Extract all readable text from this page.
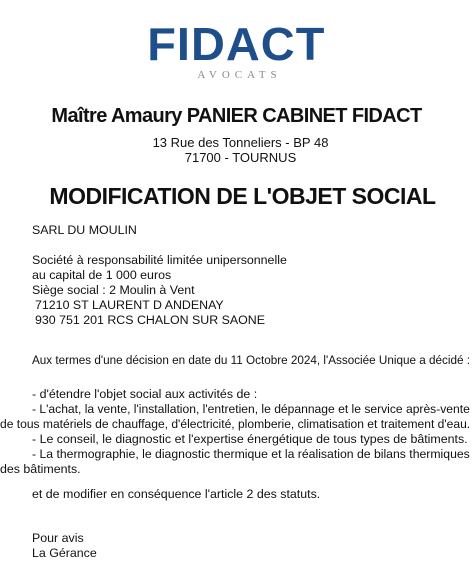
FIDACT
AVOCATS
Maître Amaury PANIER CABINET FIDACT
13 Rue des Tonneliers - BP 48
71700 - TOURNUS
MODIFICATION DE L'OBJET SOCIAL
SARL DU MOULIN
Société à responsabilité limitée unipersonnelle
au capital de 1 000 euros
Siège social : 2 Moulin à Vent
71210 ST LAURENT D ANDENAY
930 751 201 RCS CHALON SUR SAONE
Aux termes d'une décision en date du 11 Octobre 2024, l'Associée Unique a décidé :
- d'étendre l'objet social aux activités de :
- L'achat, la vente, l'installation, l'entretien, le dépannage et le service après-vente
de tous matériels de chauffage, d'électricité, plomberie, climatisation et traitement d'eau.
- Le conseil, le diagnostic et l'expertise énergétique de tous types de bâtiments.
- La thermographie, le diagnostic thermique et la réalisation de bilans thermiques
des bâtiments.
et de modifier en conséquence l'article 2 des statuts.
Pour avis
La Gérance
